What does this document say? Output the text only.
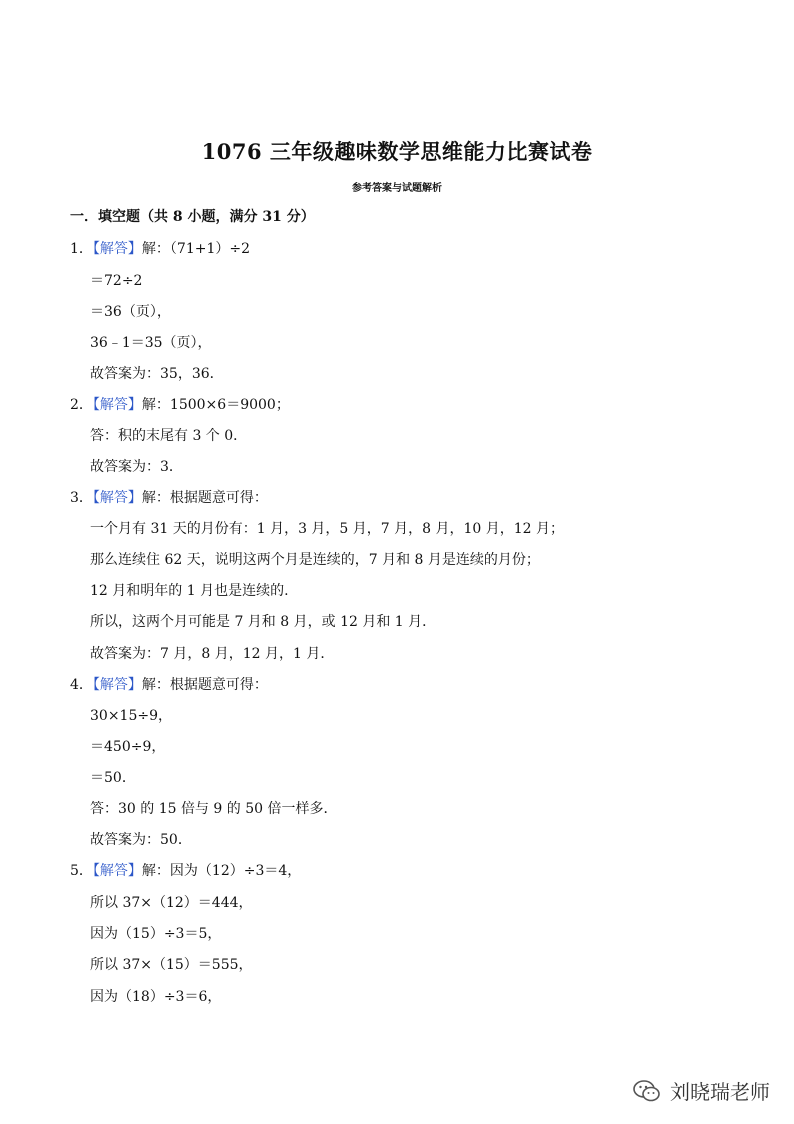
1076 三年级趣味数学思维能力比赛试卷
参考答案与试题解析
一．填空题（共 8 小题，满分 31 分）
1．【解答】解：（71+1）÷2
＝72÷2
＝36（页），
36﹣1＝35（页），
故答案为：35，36．
2．【解答】解：1500×6＝9000；
答：积的末尾有 3 个 0．
故答案为：3．
3．【解答】解：根据题意可得：
一个月有 31 天的月份有：1 月，3 月，5 月，7 月，8 月，10 月，12 月；
那么连续住 62 天，说明这两个月是连续的，7 月和 8 月是连续的月份；
12 月和明年的 1 月也是连续的.
所以，这两个月可能是 7 月和 8 月，或 12 月和 1 月．
故答案为：7 月，8 月，12 月，1 月．
4．【解答】解：根据题意可得：
30×15÷9，
＝450÷9，
＝50．
答：30 的 15 倍与 9 的 50 倍一样多．
故答案为：50．
5．【解答】解：因为（12）÷3＝4，
所以 37×（12）＝444，
因为（15）÷3＝5，
所以 37×（15）＝555，
因为（18）÷3＝6，
刘晓瑞老师
